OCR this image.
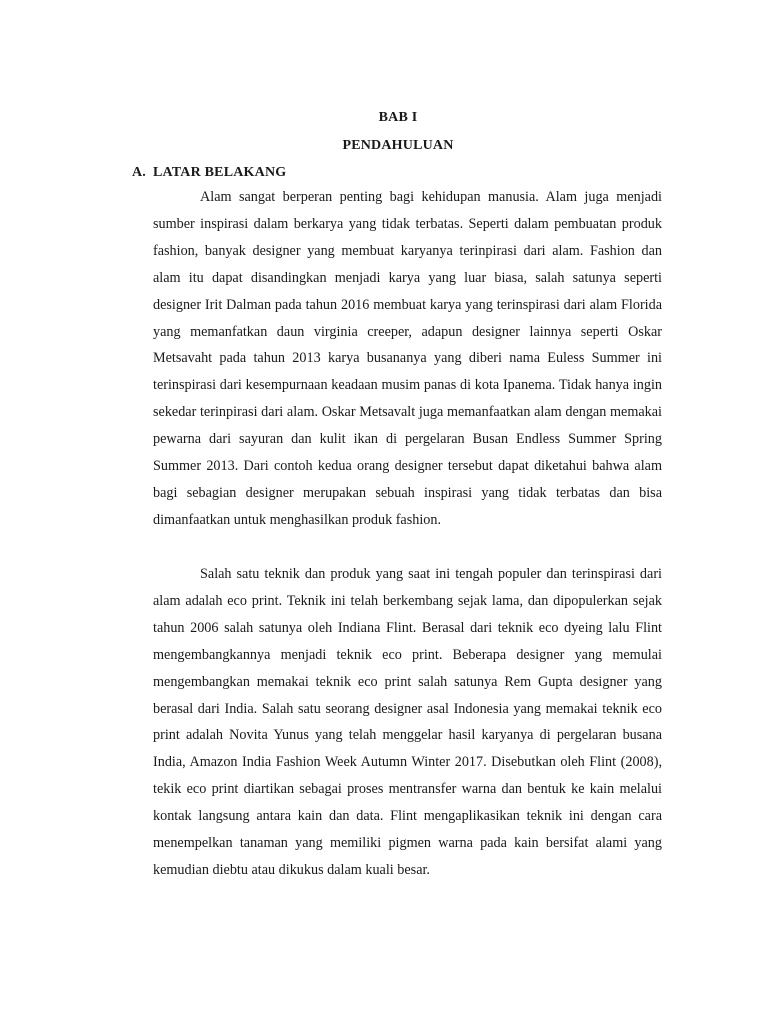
BAB I
PENDAHULUAN
A. LATAR BELAKANG

Alam sangat berperan penting bagi kehidupan manusia. Alam juga menjadi sumber inspirasi dalam berkarya yang tidak terbatas. Seperti dalam pembuatan produk fashion, banyak designer yang membuat karyanya terinpirasi dari alam. Fashion dan alam itu dapat disandingkan menjadi karya yang luar biasa, salah satunya seperti designer Irit Dalman pada tahun 2016 membuat karya yang terinspirasi dari alam Florida yang memanfatkan daun virginia creeper, adapun designer lainnya seperti Oskar Metsavaht pada tahun 2013 karya busananya yang diberi nama Euless Summer ini terinspirasi dari kesempurnaan keadaan musim panas di kota Ipanema. Tidak hanya ingin sekedar terinpirasi dari alam. Oskar Metsavalt juga memanfaatkan alam dengan memakai pewarna dari sayuran dan kulit ikan di pergelaran Busan Endless Summer Spring Summer 2013. Dari contoh kedua orang designer tersebut dapat diketahui bahwa alam bagi sebagian designer merupakan sebuah inspirasi yang tidak terbatas dan bisa dimanfaatkan untuk menghasilkan produk fashion.

Salah satu teknik dan produk yang saat ini tengah populer dan terinspirasi dari alam adalah eco print. Teknik ini telah berkembang sejak lama, dan dipopulerkan sejak tahun 2006 salah satunya oleh Indiana Flint. Berasal dari teknik eco dyeing lalu Flint mengembangkannya menjadi teknik eco print. Beberapa designer yang memulai mengembangkan memakai teknik eco print salah satunya Rem Gupta designer yang berasal dari India. Salah satu seorang designer asal Indonesia yang memakai teknik eco print adalah Novita Yunus yang telah menggelar hasil karyanya di pergelaran busana India, Amazon India Fashion Week Autumn Winter 2017. Disebutkan oleh Flint (2008), tekik eco print diartikan sebagai proses mentransfer warna dan bentuk ke kain melalui kontak langsung antara kain dan data. Flint mengaplikasikan teknik ini dengan cara menempelkan tanaman yang memiliki pigmen warna pada kain bersifat alami yang kemudian diebtu atau dikukus dalam kuali besar.
